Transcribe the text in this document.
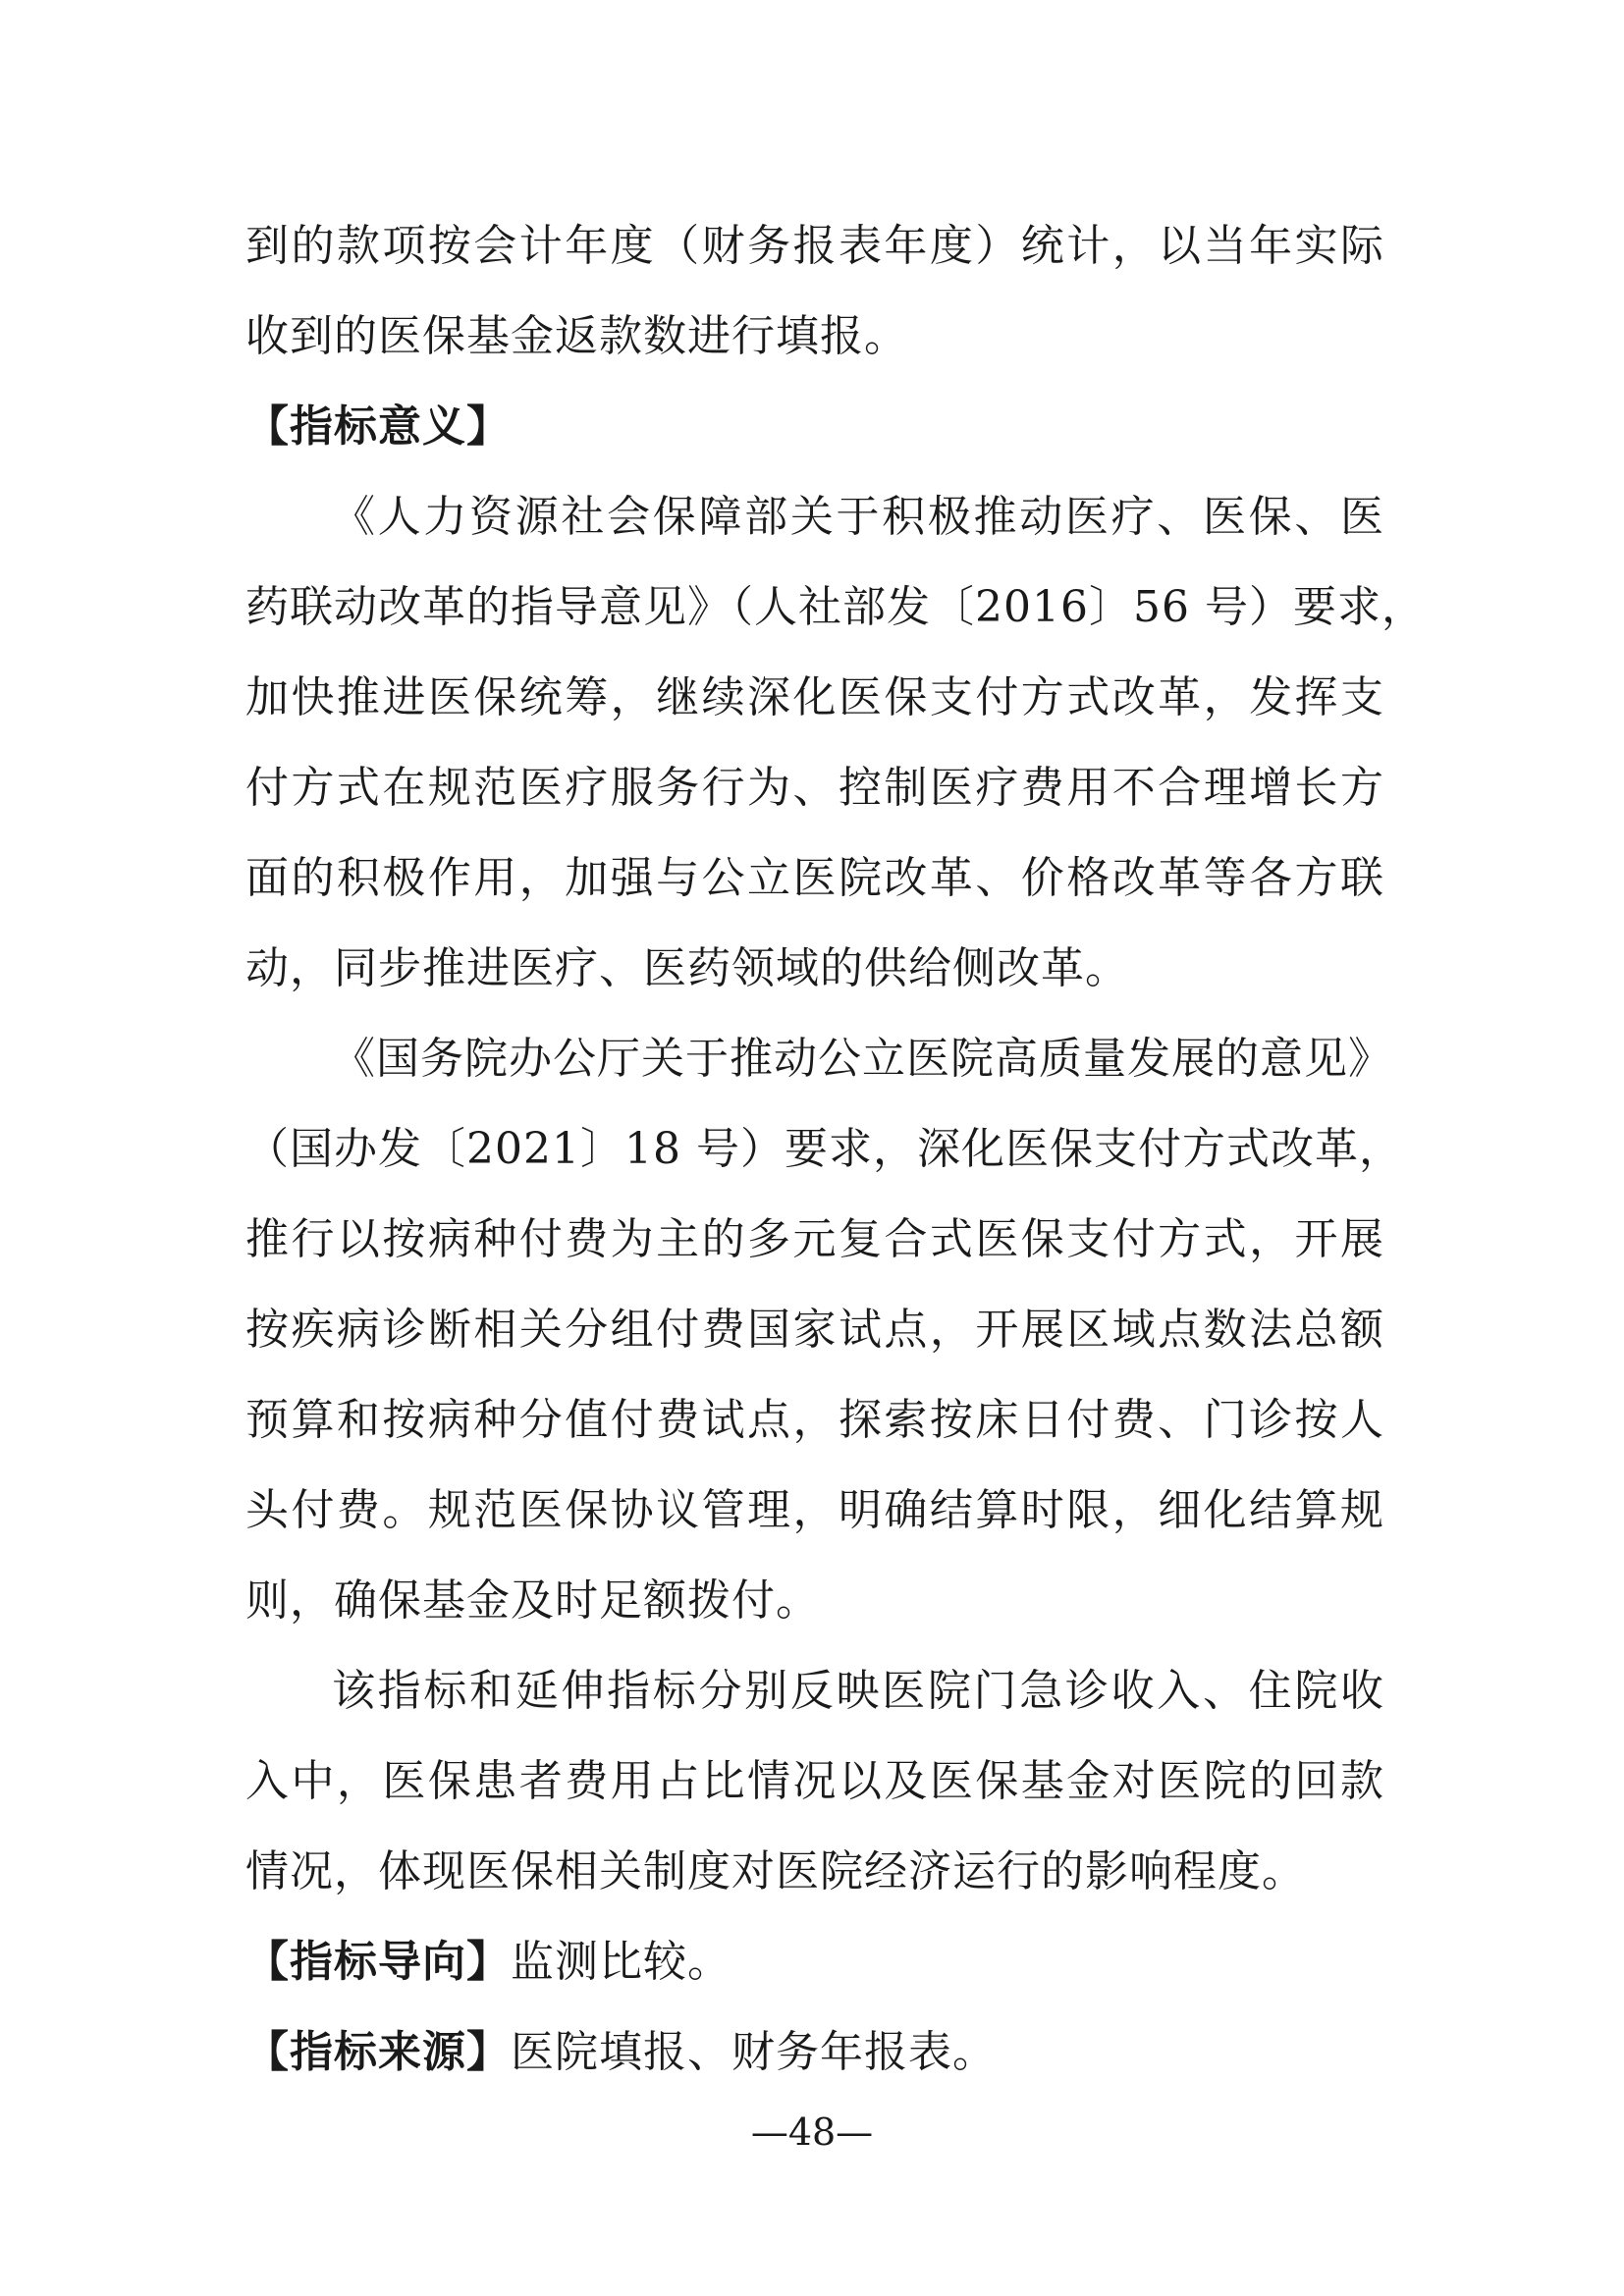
到的款项按会计年度（财务报表年度）统计，以当年实际
收到的医保基金返款数进行填报。
【指标意义】
《人力资源社会保障部关于积极推动医疗、医保、医
药联动改革的指导意见》（人社部发〔2016〕56 号）要求，
加快推进医保统筹，继续深化医保支付方式改革，发挥支
付方式在规范医疗服务行为、控制医疗费用不合理增长方
面的积极作用，加强与公立医院改革、价格改革等各方联
动，同步推进医疗、医药领域的供给侧改革。
《国务院办公厅关于推动公立医院高质量发展的意见》
（国办发〔2021〕18 号）要求，深化医保支付方式改革，
推行以按病种付费为主的多元复合式医保支付方式，开展
按疾病诊断相关分组付费国家试点，开展区域点数法总额
预算和按病种分值付费试点，探索按床日付费、门诊按人
头付费。规范医保协议管理，明确结算时限，细化结算规
则，确保基金及时足额拨付。
该指标和延伸指标分别反映医院门急诊收入、住院收
入中，医保患者费用占比情况以及医保基金对医院的回款
情况，体现医保相关制度对医院经济运行的影响程度。
【指标导向】监测比较。
【指标来源】医院填报、财务年报表。
—48—
